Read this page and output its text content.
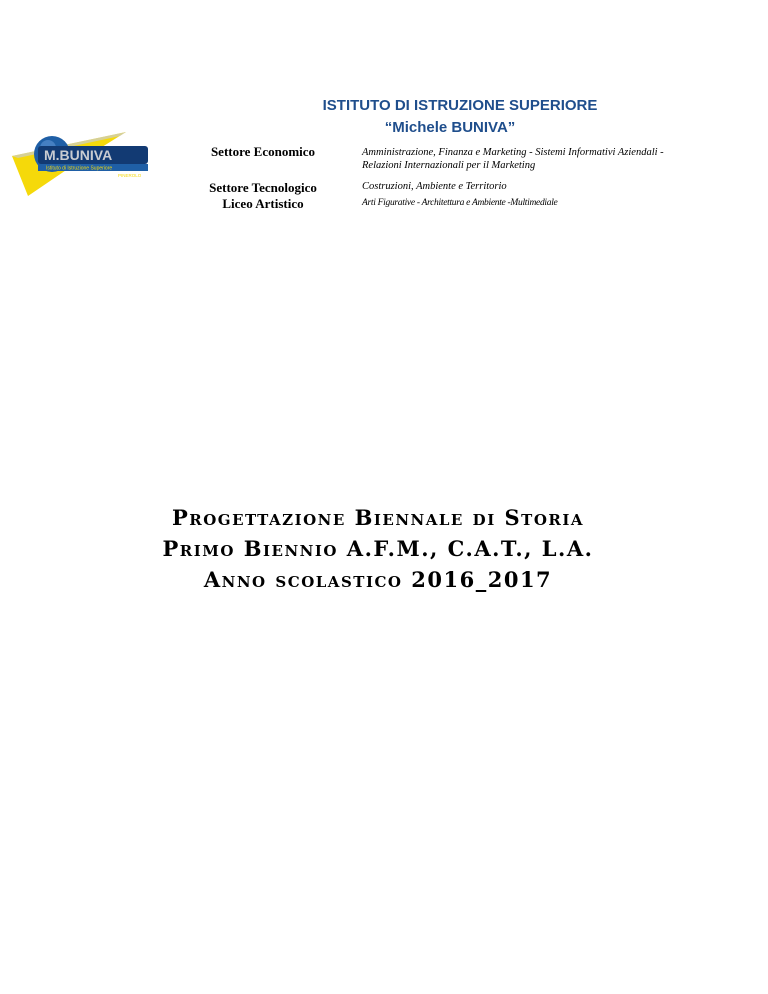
ISTITUTO DI ISTRUZIONE SUPERIORE
“Michele BUNIVA”
M.BUNIVA
Istituto di Istruzione Superiore
PINEROLO
Settore Economico	Amministrazione, Finanza e Marketing - Sistemi Informativi Aziendali -
Relazioni Internazionali per il Marketing
Settore Tecnologico	Costruzioni, Ambiente e Territorio
Liceo Artistico	Arti Figurative - Architettura e Ambiente -Multimediale
Progettazione Biennale di Storia
Primo Biennio A.F.M., C.A.T., L.A.
Anno scolastico 2016_2017
